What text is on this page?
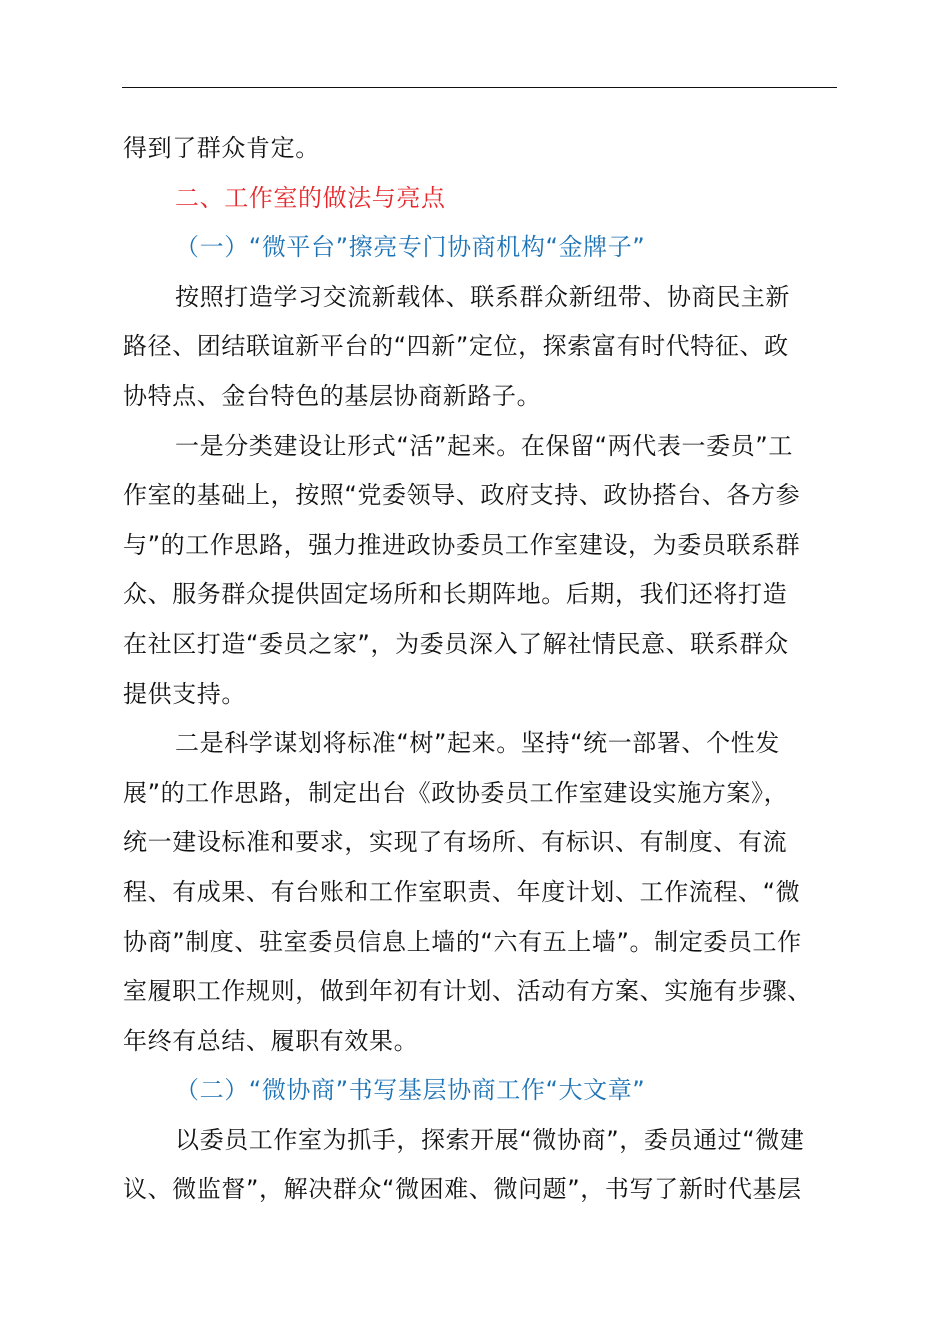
得到了群众肯定。
二、工作室的做法与亮点
（一）“微平台”擦亮专门协商机构“金牌子”
按照打造学习交流新载体、联系群众新纽带、协商民主新
路径、团结联谊新平台的“四新”定位，探索富有时代特征、政
协特点、金台特色的基层协商新路子。
一是分类建设让形式“活”起来。在保留“两代表一委员”工
作室的基础上，按照“党委领导、政府支持、政协搭台、各方参
与”的工作思路，强力推进政协委员工作室建设，为委员联系群
众、服务群众提供固定场所和长期阵地。后期，我们还将打造
在社区打造“委员之家”，为委员深入了解社情民意、联系群众
提供支持。
二是科学谋划将标准“树”起来。坚持“统一部署、个性发
展”的工作思路，制定出台《政协委员工作室建设实施方案》，
统一建设标准和要求，实现了有场所、有标识、有制度、有流
程、有成果、有台账和工作室职责、年度计划、工作流程、“微
协商”制度、驻室委员信息上墙的“六有五上墙”。制定委员工作
室履职工作规则，做到年初有计划、活动有方案、实施有步骤、
年终有总结、履职有效果。
（二）“微协商”书写基层协商工作“大文章”
以委员工作室为抓手，探索开展“微协商”，委员通过“微建
议、微监督”，解决群众“微困难、微问题”，书写了新时代基层
